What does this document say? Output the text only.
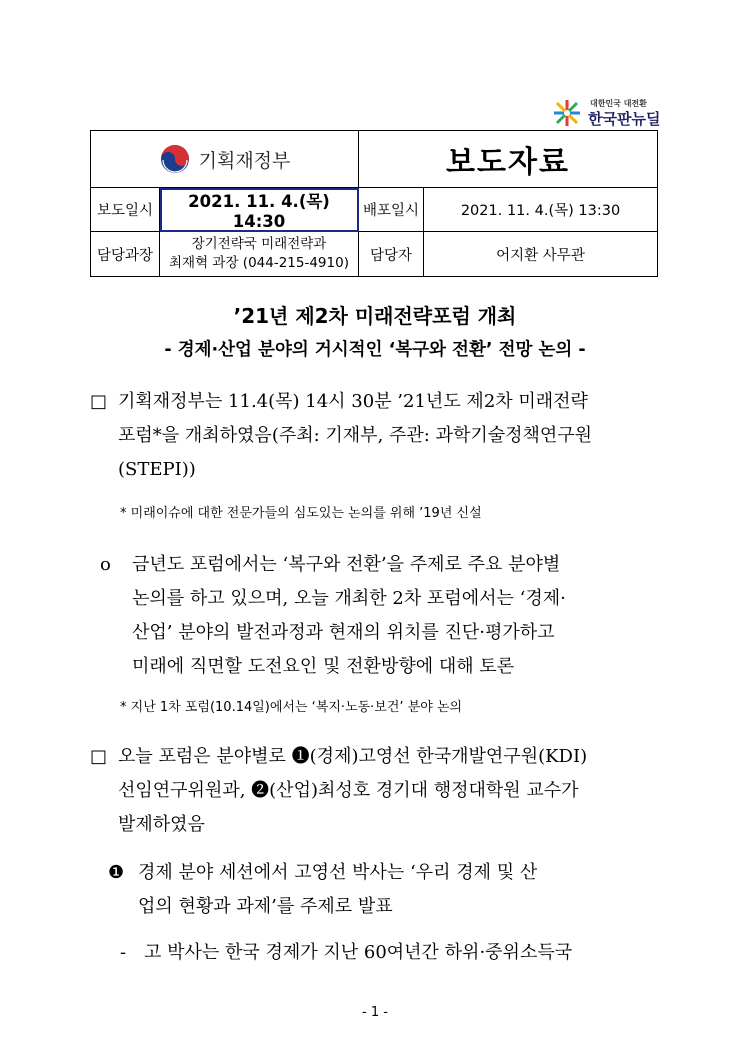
대한민국 대전환
한국판뉴딜
기획재정부		보도자료	
보도일시	2021. 11. 4.(목) 14:30	배포일시	2021. 11. 4.(목) 13:30
담당과장	장기전략국 미래전략과
최재혁 과장 (044-215-4910)	담당자	어지환 사무관
’21년 제2차 미래전략포럼 개최
- 경제·산업 분야의 거시적인 ‘복구와 전환’ 전망 논의 -
□ 기획재정부는 11.4(목) 14시 30분 ’21년도 제2차 미래전략
포럼*을 개최하였음(주최: 기재부, 주관: 과학기술정책연구원
(STEPI))
* 미래이슈에 대한 전문가들의 심도있는 논의를 위해 ’19년 신설
o 금년도 포럼에서는 ‘복구와 전환’을 주제로 주요 분야별
논의를 하고 있으며, 오늘 개최한 2차 포럼에서는 ‘경제·
산업’ 분야의 발전과정과 현재의 위치를 진단·평가하고
미래에 직면할 도전요인 및 전환방향에 대해 토론
* 지난 1차 포럼(10.14일)에서는 ‘복지·노동·보건’ 분야 논의
□ 오늘 포럼은 분야별로 ❶(경제)고영선 한국개발연구원(KDI)
선임연구위원과, ❷(산업)최성호 경기대 행정대학원 교수가
발제하였음
❶ 경제 분야 세션에서 고영선 박사는 ‘우리 경제 및 산
업의 현황과 과제’를 주제로 발표
- 고 박사는 한국 경제가 지난 60여년간 하위·중위소득국
- 1 -
